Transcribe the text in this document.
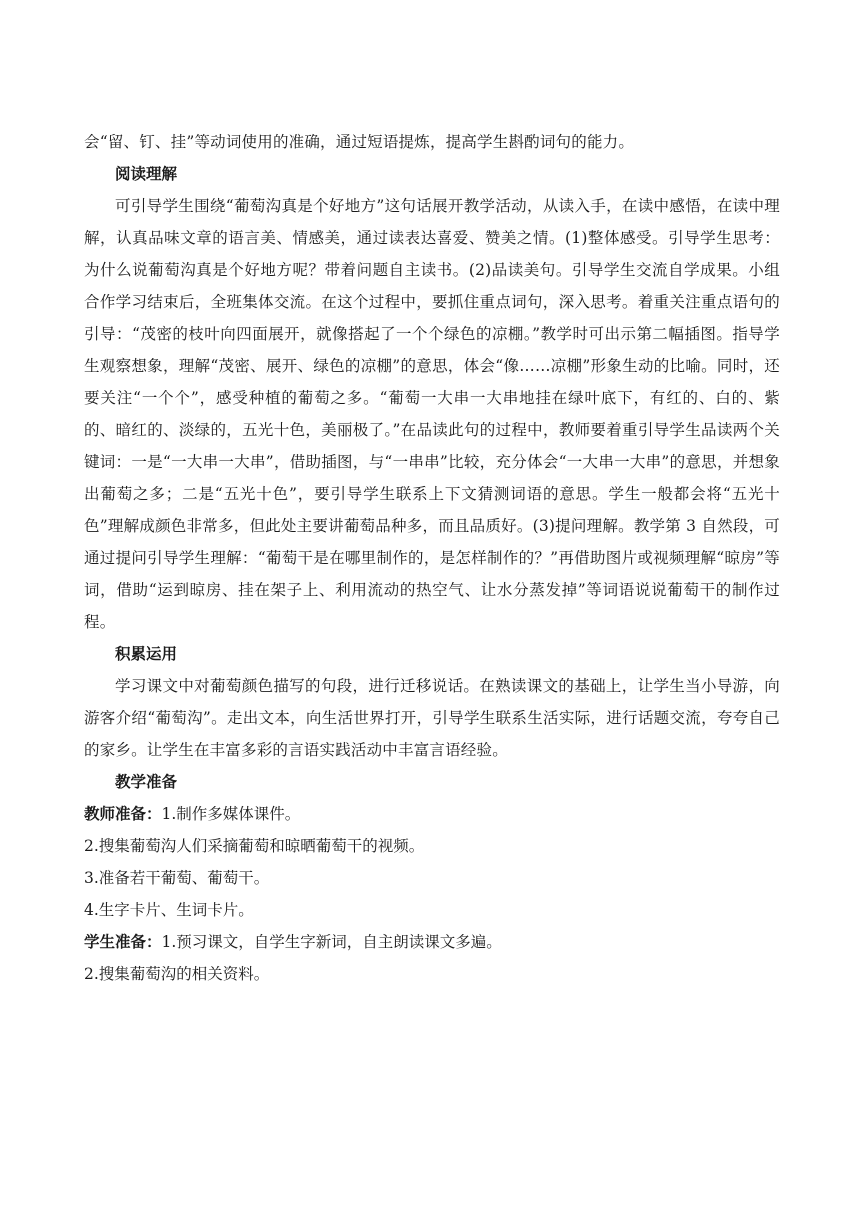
会“留、钉、挂”等动词使用的准确，通过短语提炼，提高学生斟酌词句的能力。

阅读理解

可引导学生围绕“葡萄沟真是个好地方”这句话展开教学活动，从读入手，在读中感悟，在读中理解，认真品味文章的语言美、情感美，通过读表达喜爱、赞美之情。(1)整体感受。引导学生思考：为什么说葡萄沟真是个好地方呢？带着问题自主读书。(2)品读美句。引导学生交流自学成果。小组合作学习结束后，全班集体交流。在这个过程中，要抓住重点词句，深入思考。着重关注重点语句的引导：“茂密的枝叶向四面展开，就像搭起了一个个绿色的凉棚。”教学时可出示第二幅插图。指导学生观察想象，理解“茂密、展开、绿色的凉棚”的意思，体会“像……凉棚”形象生动的比喻。同时，还要关注“一个个”，感受种植的葡萄之多。“葡萄一大串一大串地挂在绿叶底下，有红的、白的、紫的、暗红的、淡绿的，五光十色，美丽极了。”在品读此句的过程中，教师要着重引导学生品读两个关键词：一是“一大串一大串”，借助插图，与“一串串”比较，充分体会“一大串一大串”的意思，并想象出葡萄之多；二是“五光十色”，要引导学生联系上下文猜测词语的意思。学生一般都会将“五光十色”理解成颜色非常多，但此处主要讲葡萄品种多，而且品质好。(3)提问理解。教学第 3 自然段，可通过提问引导学生理解：“葡萄干是在哪里制作的，是怎样制作的？”再借助图片或视频理解“晾房”等词，借助“运到晾房、挂在架子上、利用流动的热空气、让水分蒸发掉”等词语说说葡萄干的制作过程。

积累运用

学习课文中对葡萄颜色描写的句段，进行迁移说话。在熟读课文的基础上，让学生当小导游，向游客介绍“葡萄沟”。走出文本，向生活世界打开，引导学生联系生活实际，进行话题交流，夸夸自己的家乡。让学生在丰富多彩的言语实践活动中丰富言语经验。

教学准备

教师准备：1.制作多媒体课件。

2.搜集葡萄沟人们采摘葡萄和晾晒葡萄干的视频。

3.准备若干葡萄、葡萄干。

4.生字卡片、生词卡片。

学生准备：1.预习课文，自学生字新词，自主朗读课文多遍。

2.搜集葡萄沟的相关资料。
